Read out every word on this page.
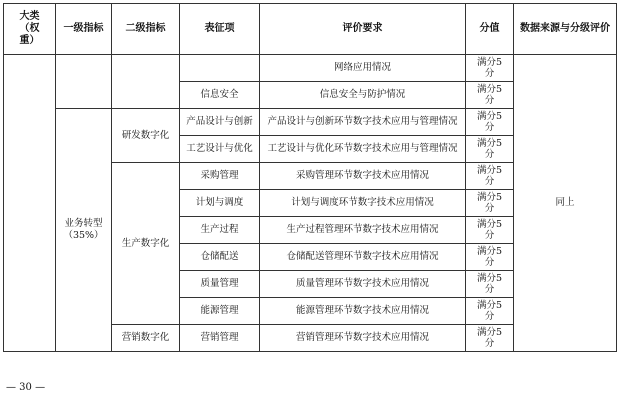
大类
（权
重）	一级指标	二级指标	表征项	评价要求	分值	数据来源与分级评价
				网络应用情况	满分5
分	同上
			信息安全	信息安全与防护情况	满分5
分	
	业务转型
（35%）	研发数字化	产品设计与创新	产品设计与创新环节数字技术应用与管理情况	满分5
分	
			工艺设计与优化	工艺设计与优化环节数字技术应用与管理情况	满分5
分	
		生产数字化	采购管理	采购管理环节数字技术应用情况	满分5
分	
			计划与调度	计划与调度环节数字技术应用情况	满分5
分	
			生产过程	生产过程管理环节数字技术应用情况	满分5
分	
			仓储配送	仓储配送管理环节数字技术应用情况	满分5
分	
			质量管理	质量管理环节数字技术应用情况	满分5
分	
			能源管理	能源管理环节数字技术应用情况	满分5
分	
		营销数字化	营销管理	营销管理环节数字技术应用情况	满分5
分	
— 30 —
